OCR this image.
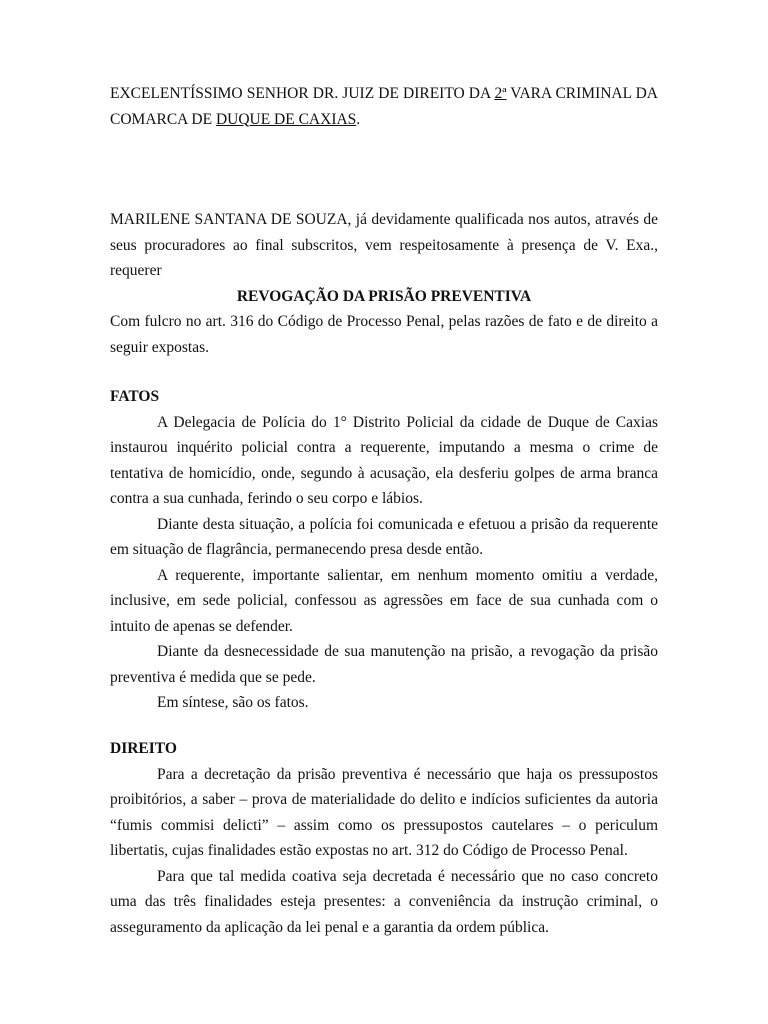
EXCELENTÍSSIMO SENHOR DR. JUIZ DE DIREITO DA 2ª VARA CRIMINAL DA COMARCA DE DUQUE DE CAXIAS.

MARILENE SANTANA DE SOUZA, já devidamente qualificada nos autos, através de seus procuradores ao final subscritos, vem respeitosamente à presença de V. Exa., requerer

REVOGAÇÃO DA PRISÃO PREVENTIVA

Com fulcro no art. 316 do Código de Processo Penal, pelas razões de fato e de direito a seguir expostas.

FATOS

A Delegacia de Polícia do 1° Distrito Policial da cidade de Duque de Caxias instaurou inquérito policial contra a requerente, imputando a mesma o crime de tentativa de homicídio, onde, segundo à acusação, ela desferiu golpes de arma branca contra a sua cunhada, ferindo o seu corpo e lábios.

Diante desta situação, a polícia foi comunicada e efetuou a prisão da requerente em situação de flagrância, permanecendo presa desde então.

A requerente, importante salientar, em nenhum momento omitiu a verdade, inclusive, em sede policial, confessou as agressões em face de sua cunhada com o intuito de apenas se defender.

Diante da desnecessidade de sua manutenção na prisão, a revogação da prisão preventiva é medida que se pede.

Em síntese, são os fatos.

DIREITO

Para a decretação da prisão preventiva é necessário que haja os pressupostos proibitórios, a saber – prova de materialidade do delito e indícios suficientes da autoria “fumis commisi delicti” – assim como os pressupostos cautelares – o periculum libertatis, cujas finalidades estão expostas no art. 312 do Código de Processo Penal.

Para que tal medida coativa seja decretada é necessário que no caso concreto uma das três finalidades esteja presentes: a conveniência da instrução criminal, o asseguramento da aplicação da lei penal e a garantia da ordem pública.
